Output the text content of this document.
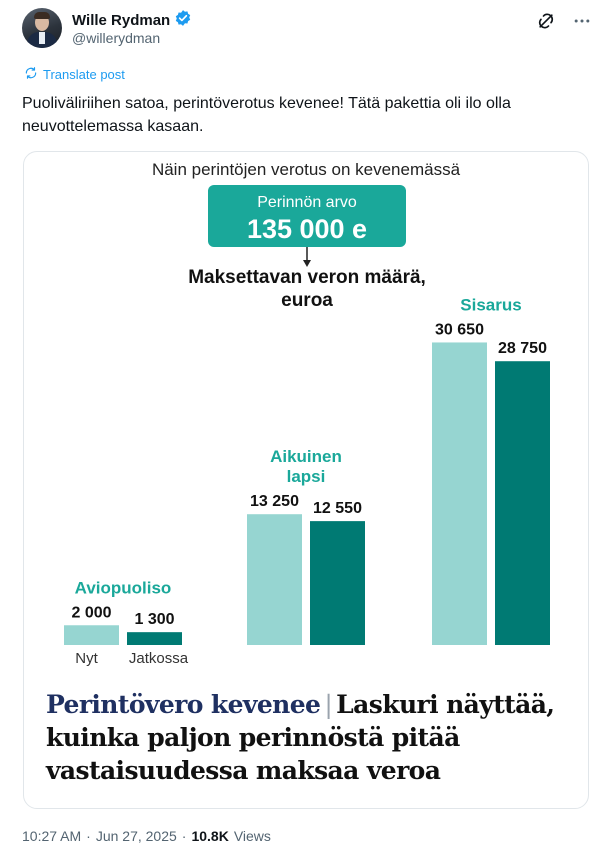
Wille Rydman
@willerydman
Translate post
Puoliväliriihen satoa, perintöverotus kevenee! Tätä pakettia oli ilo olla neuvottelemassa kasaan.
Näin perintöjen verotus on kevenemässä
Perinnön arvo
135 000 e
Maksettavan veron määrä,
euroa
2 000 1 300
Aviopuoliso
13 250 12 550
Aikuinen
lapsi
30 650
28 750
Sisarus
Nyt Jatkossa
Perintövero kevenee | Laskuri näyttää, kuinka paljon perinnöstä pitää vastaisuudessa maksaa veroa
10:27 AM · Jun 27, 2025 · 10.8K Views
